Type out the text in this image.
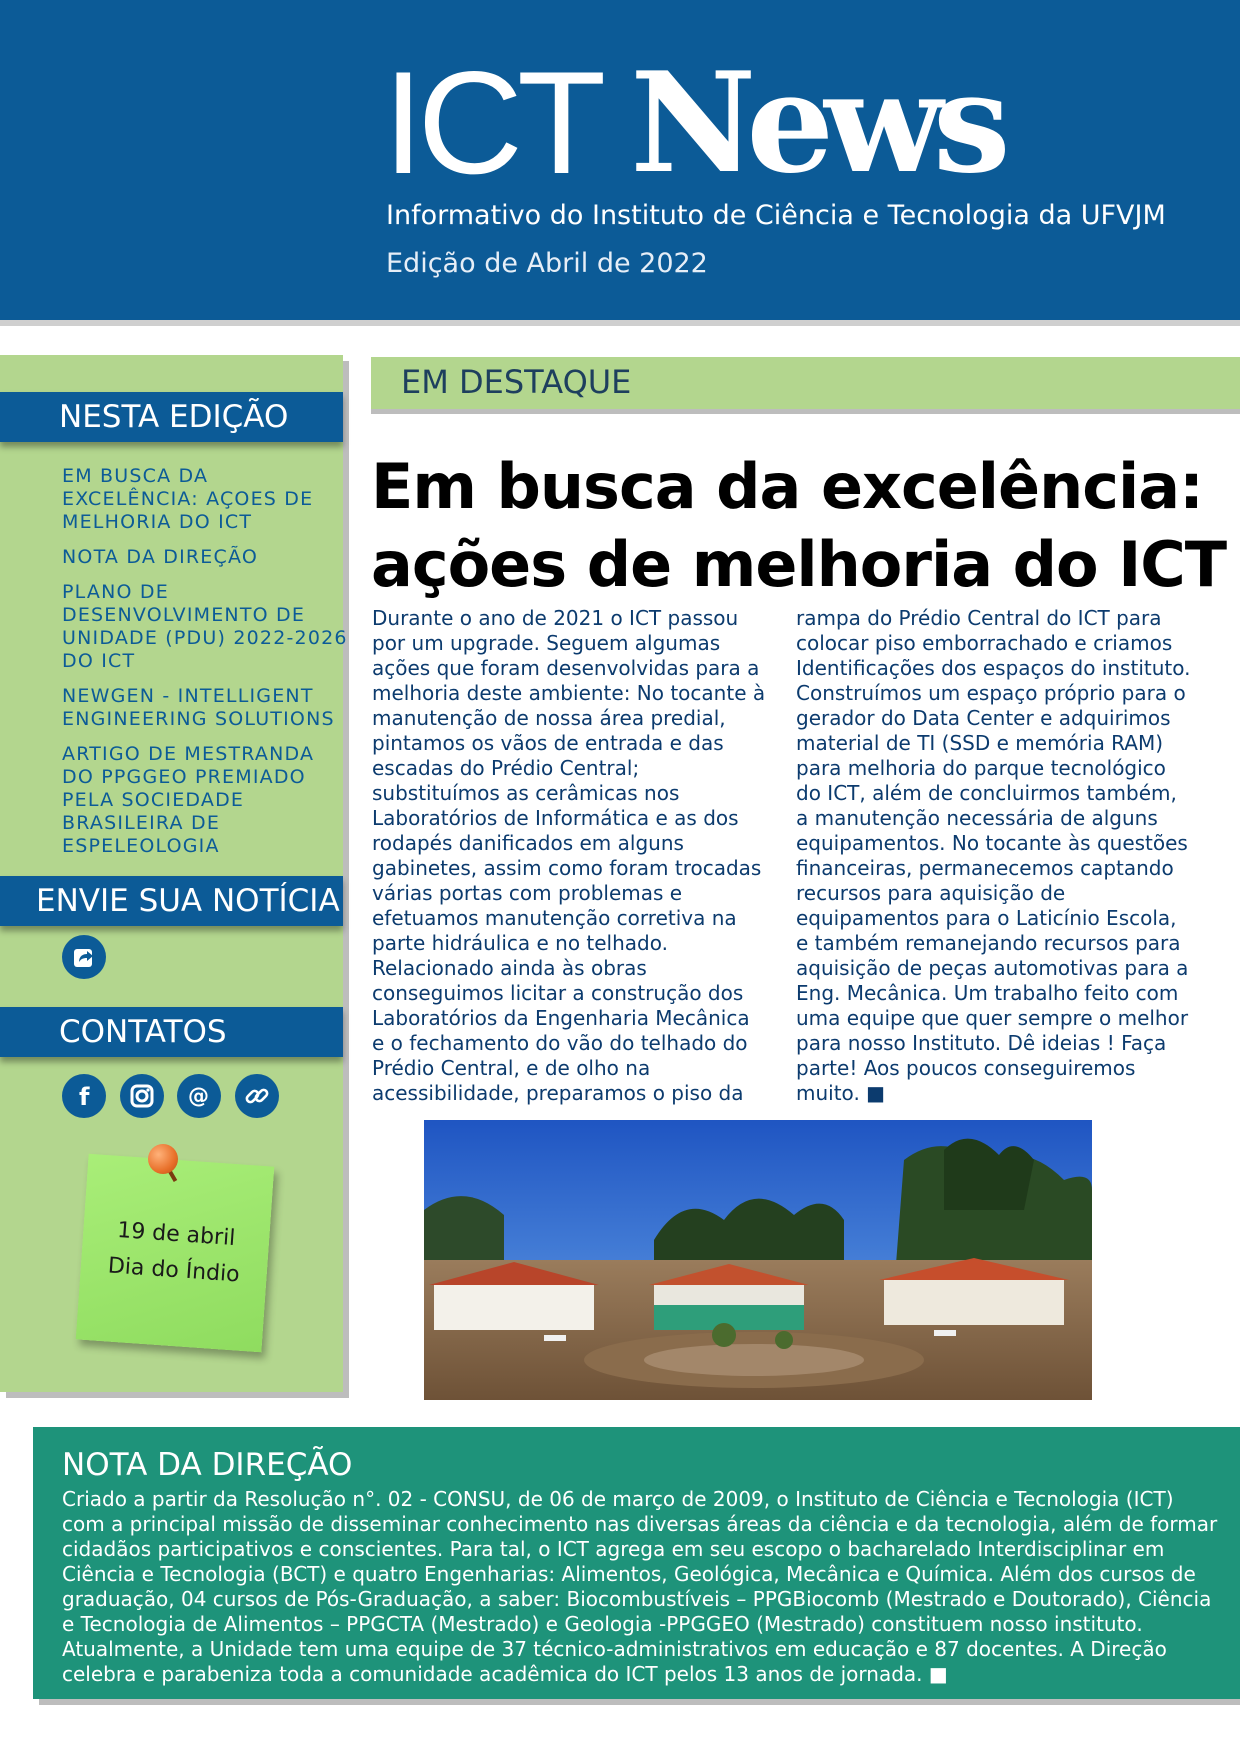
ICT News
Informativo do Instituto de Ciência e Tecnologia da UFVJM
Edição de Abril de 2022
NESTA EDIÇÃO
EM BUSCA DA EXCELÊNCIA: AÇOES DE MELHORIA DO ICT
NOTA DA DIREÇÃO
PLANO DE DESENVOLVIMENTO DE UNIDADE (PDU) 2022-2026 DO ICT
NEWGEN - INTELLIGENT ENGINEERING SOLUTIONS
ARTIGO DE MESTRANDA DO PPGGEO PREMIADO PELA SOCIEDADE BRASILEIRA DE ESPELEOLOGIA
ENVIE SUA NOTÍCIA
CONTATOS
f	@
19 de abril
Dia do Índio
EM DESTAQUE
Em busca da excelência: ações de melhoria do ICT
Durante o ano de 2021 o ICT passou por um upgrade. Seguem algumas ações que foram desenvolvidas para a melhoria deste ambiente: No tocante à manutenção de nossa área predial, pintamos os vãos de entrada e das escadas do Prédio Central; substituímos as cerâmicas nos Laboratórios de Informática e as dos rodapés danificados em alguns gabinetes, assim como foram trocadas várias portas com problemas e efetuamos manutenção corretiva na parte hidráulica e no telhado. Relacionado ainda às obras conseguimos licitar a construção dos Laboratórios da Engenharia Mecânica e o fechamento do vão do telhado do Prédio Central, e de olho na acessibilidade, preparamos o piso da
rampa do Prédio Central do ICT para colocar piso emborrachado e criamos Identificações dos espaços do instituto. Construímos um espaço próprio para o gerador do Data Center e adquirimos material de TI (SSD e memória RAM) para melhoria do parque tecnológico do ICT, além de concluirmos também, a manutenção necessária de alguns equipamentos. No tocante às questões financeiras, permanecemos captando recursos para aquisição de equipamentos para o Laticínio Escola, e também remanejando recursos para aquisição de peças automotivas para a Eng. Mecânica. Um trabalho feito com uma equipe que quer sempre o melhor para nosso Instituto. Dê ideias ! Faça parte! Aos poucos conseguiremos muito. ■
NOTA DA DIREÇÃO

Criado a partir da Resolução n°. 02 - CONSU, de 06 de março de 2009, o Instituto de Ciência e Tecnologia (ICT) com a principal missão de disseminar conhecimento nas diversas áreas da ciência e da tecnologia, além de formar cidadãos participativos e conscientes. Para tal, o ICT agrega em seu escopo o bacharelado Interdisciplinar em Ciência e Tecnologia (BCT) e quatro Engenharias: Alimentos, Geológica, Mecânica e Química. Além dos cursos de graduação, 04 cursos de Pós-Graduação, a saber: Biocombustíveis – PPGBiocomb (Mestrado e Doutorado), Ciência e Tecnologia de Alimentos – PPGCTA (Mestrado) e Geologia -PPGGEO (Mestrado) constituem nosso instituto. Atualmente, a Unidade tem uma equipe de 37 técnico-administrativos em educação e 87 docentes. A Direção celebra e parabeniza toda a comunidade acadêmica do ICT pelos 13 anos de jornada. ■
